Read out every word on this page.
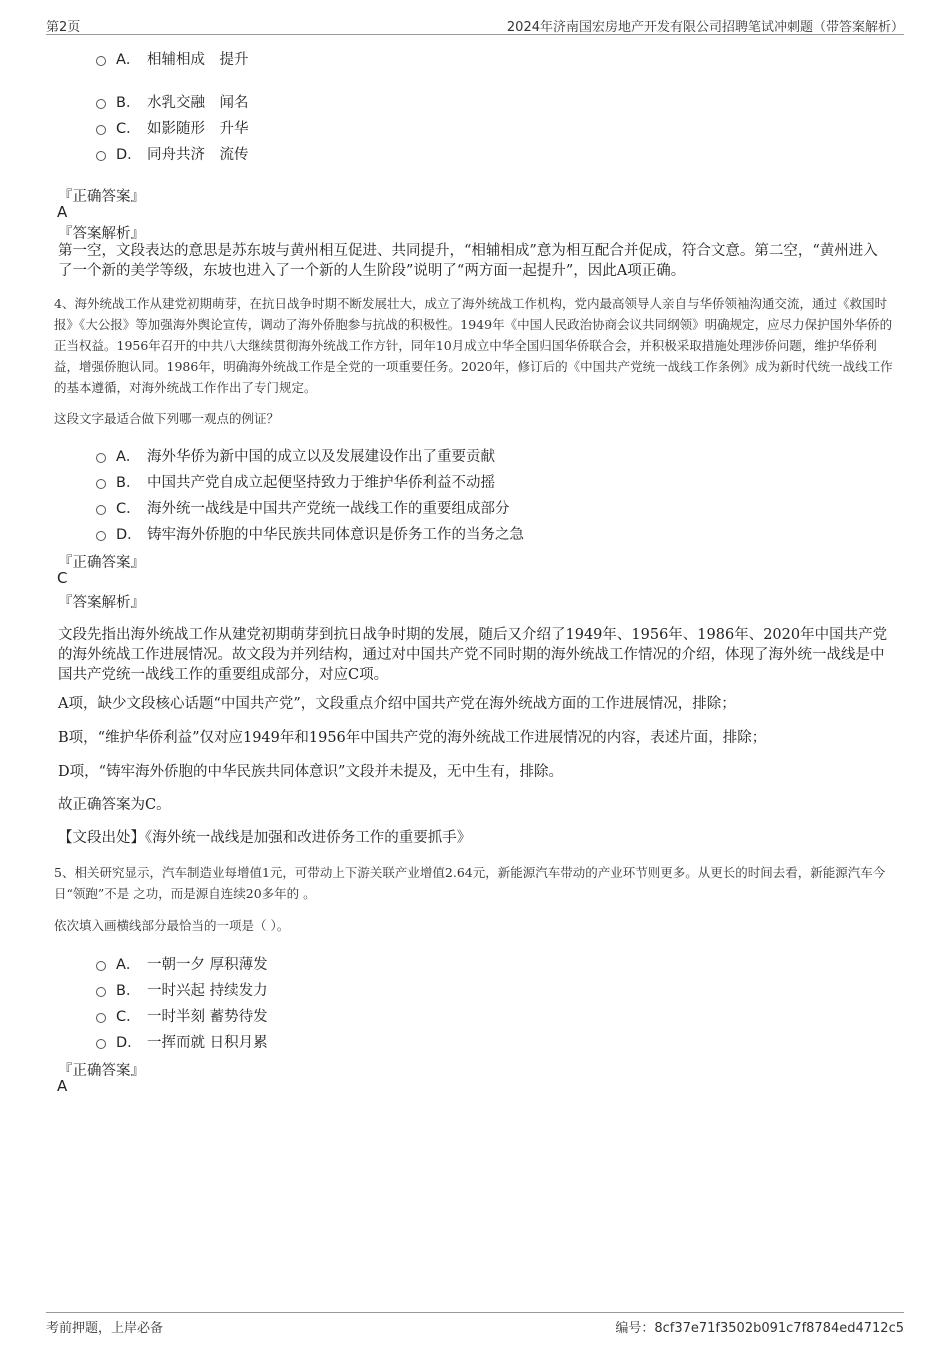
第2页	2024年济南国宏房地产开发有限公司招聘笔试冲刺题（带答案解析）
A． 相辅相成　提升
B． 水乳交融　闻名
C． 如影随形　升华
D． 同舟共济　流传
『正确答案』
A
『答案解析』
第一空，文段表达的意思是苏东坡与黄州相互促进、共同提升，“相辅相成”意为相互配合并促成，符合文意。第二空，“黄州进入了一个新的美学等级，东坡也进入了一个新的人生阶段”说明了“两方面一起提升”，因此A项正确。
4、海外统战工作从建党初期萌芽，在抗日战争时期不断发展壮大，成立了海外统战工作机构，党内最高领导人亲自与华侨领袖沟通交流，通过《救国时报》《大公报》等加强海外舆论宣传，调动了海外侨胞参与抗战的积极性。1949年《中国人民政治协商会议共同纲领》明确规定，应尽力保护国外华侨的正当权益。1956年召开的中共八大继续贯彻海外统战工作方针，同年10月成立中华全国归国华侨联合会，并积极采取措施处理涉侨问题，维护华侨利益，增强侨胞认同。1986年，明确海外统战工作是全党的一项重要任务。2020年，修订后的《中国共产党统一战线工作条例》成为新时代统一战线工作的基本遵循，对海外统战工作作出了专门规定。
这段文字最适合做下列哪一观点的例证？
A． 海外华侨为新中国的成立以及发展建设作出了重要贡献
B． 中国共产党自成立起便坚持致力于维护华侨利益不动摇
C． 海外统一战线是中国共产党统一战线工作的重要组成部分
D． 铸牢海外侨胞的中华民族共同体意识是侨务工作的当务之急
『正确答案』
C
『答案解析』
文段先指出海外统战工作从建党初期萌芽到抗日战争时期的发展，随后又介绍了1949年、1956年、1986年、2020年中国共产党的海外统战工作进展情况。故文段为并列结构，通过对中国共产党不同时期的海外统战工作情况的介绍，体现了海外统一战线是中国共产党统一战线工作的重要组成部分，对应C项。
A项，缺少文段核心话题“中国共产党”，文段重点介绍中国共产党在海外统战方面的工作进展情况，排除；
B项，“维护华侨利益”仅对应1949年和1956年中国共产党的海外统战工作进展情况的内容，表述片面，排除；
D项，“铸牢海外侨胞的中华民族共同体意识”文段并未提及，无中生有，排除。
故正确答案为C。
【文段出处】《海外统一战线是加强和改进侨务工作的重要抓手》
5、相关研究显示，汽车制造业每增值1元，可带动上下游关联产业增值2.64元，新能源汽车带动的产业环节则更多。从更长的时间去看，新能源汽车今日“领跑”不是 之功，而是源自连续20多年的 。
依次填入画横线部分最恰当的一项是（ ）。
A． 一朝一夕 厚积薄发
B． 一时兴起 持续发力
C． 一时半刻 蓄势待发
D． 一挥而就 日积月累
『正确答案』
A
考前押题，上岸必备	编号：8cf37e71f3502b091c7f8784ed4712c5
